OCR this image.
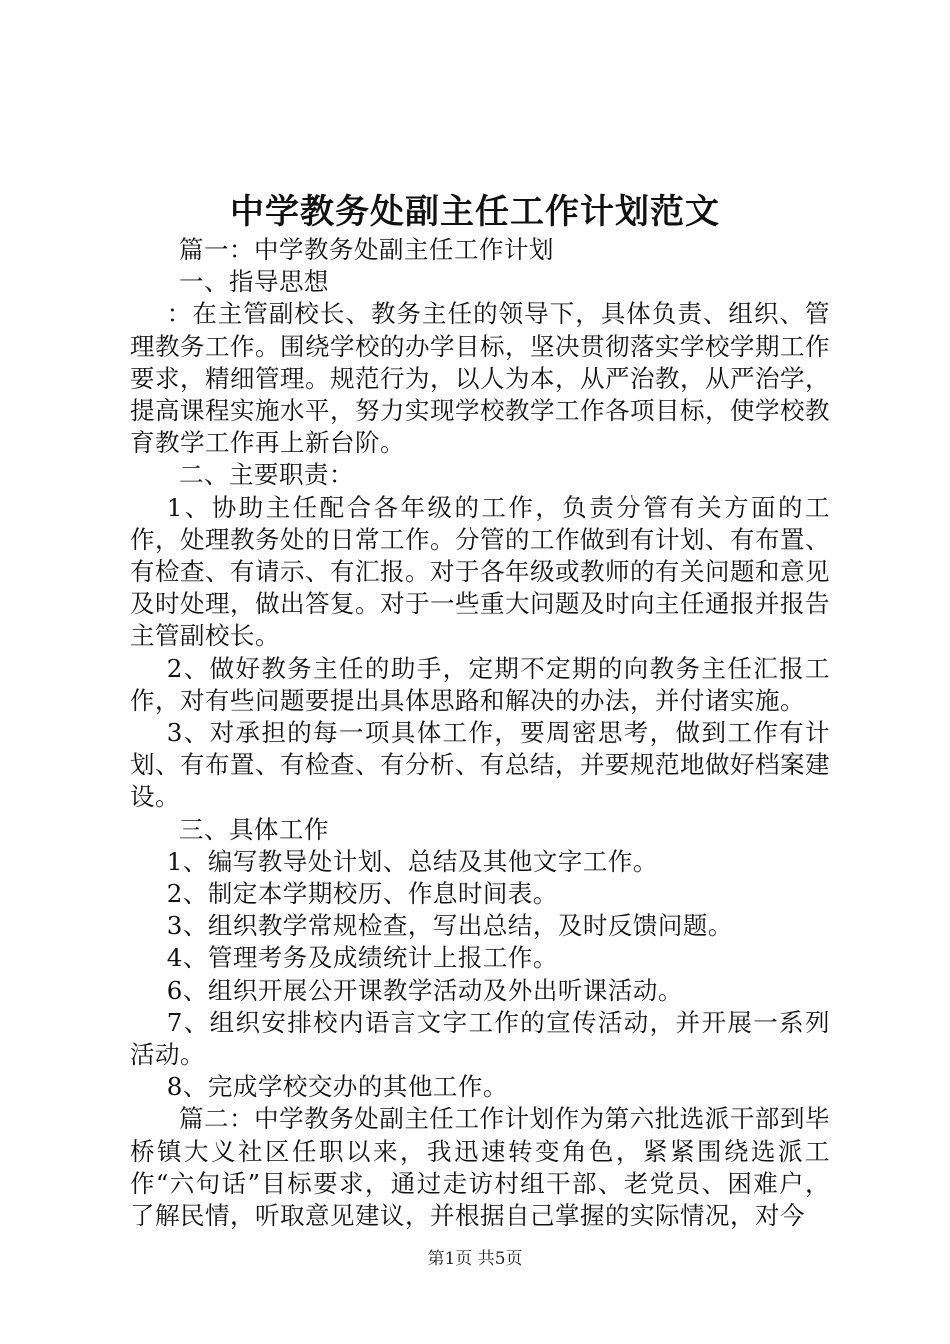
中学教务处副主任工作计划范文

篇一：中学教务处副主任工作计划

一、指导思想

：在主管副校长、教务主任的领导下，具体负责、组织、管理教务工作。围绕学校的办学目标，坚决贯彻落实学校学期工作要求，精细管理。规范行为，以人为本，从严治教，从严治学，提高课程实施水平，努力实现学校教学工作各项目标，使学校教育教学工作再上新台阶。

二、主要职责：

1、协助主任配合各年级的工作，负责分管有关方面的工作，处理教务处的日常工作。分管的工作做到有计划、有布置、有检查、有请示、有汇报。对于各年级或教师的有关问题和意见及时处理，做出答复。对于一些重大问题及时向主任通报并报告主管副校长。

2、做好教务主任的助手，定期不定期的向教务主任汇报工作，对有些问题要提出具体思路和解决的办法，并付诸实施。

3、对承担的每一项具体工作，要周密思考，做到工作有计划、有布置、有检查、有分析、有总结，并要规范地做好档案建设。

三、具体工作

1、编写教导处计划、总结及其他文字工作。

2、制定本学期校历、作息时间表。

3、组织教学常规检查，写出总结，及时反馈问题。

4、管理考务及成绩统计上报工作。

6、组织开展公开课教学活动及外出听课活动。

7、组织安排校内语言文字工作的宣传活动，并开展一系列活动。

8、完成学校交办的其他工作。

篇二：中学教务处副主任工作计划作为第六批选派干部到毕桥镇大义社区任职以来，我迅速转变角色，紧紧围绕选派工作“六句话”目标要求，通过走访村组干部、老党员、困难户，了解民情，听取意见建议，并根据自己掌握的实际情况，对今

第1页 共5页
